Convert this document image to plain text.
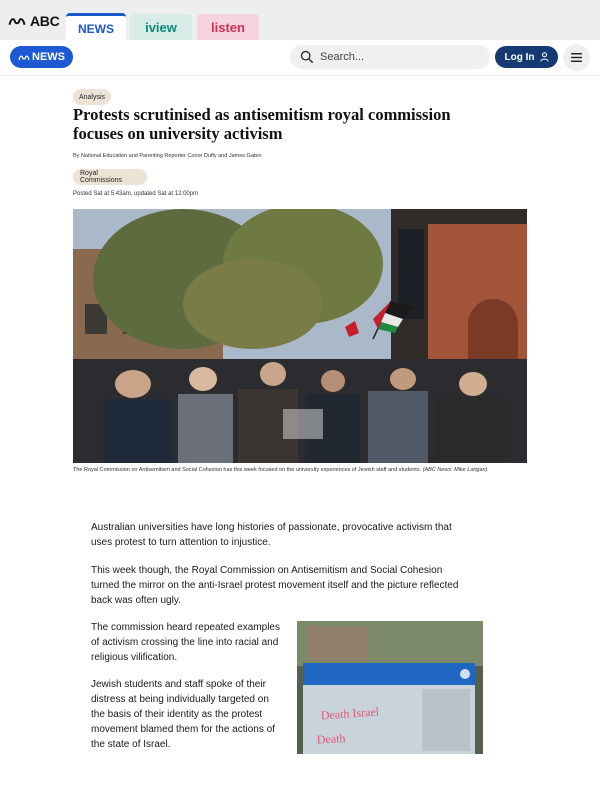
ABC	NEWS	iview	listen
NEWS
Search...	Log In
Analysis
Protests scrutinised as antisemitism royal commission focuses on university activism
By National Education and Parenting Reporter Conor Duffy and James Gaten
Royal Commissions
Posted Sat at 5:43am, updated Sat at 12:00pm

The Royal Commission on Antisemitism and Social Cohesion has this week focused on the university experiences of Jewish staff and students. (ABC News: Mike Lorigan)

Australian universities have long histories of passionate, provocative activism that uses protest to turn attention to injustice.

This week though, the Royal Commission on Antisemitism and Social Cohesion turned the mirror on the anti-Israel protest movement itself and the picture reflected back was often ugly.

The commission heard repeated examples of activism crossing the line into racial and religious vilification.

Jewish students and staff spoke of their distress at being individually targeted on the basis of their identity as the protest movement blamed them for the actions of the state of Israel.

Death Israel
Death
